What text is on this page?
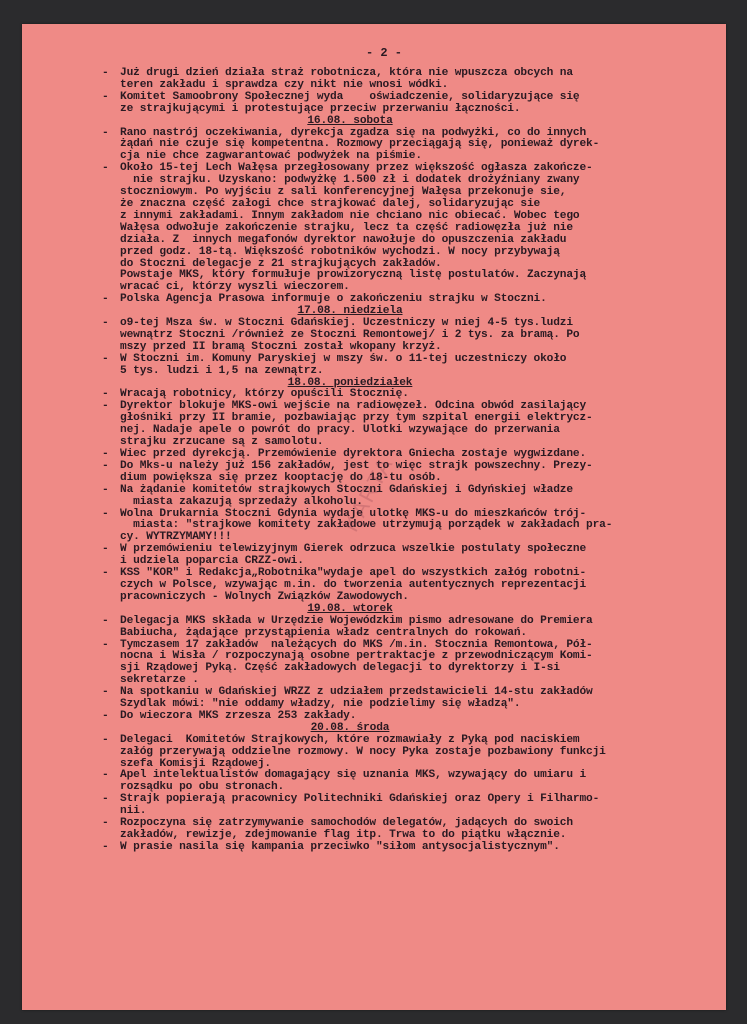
- 2 -
- Już drugi dzień działa straż robotnicza, która nie wpuszcza obcych na
teren zakładu i sprawdza czy nikt nie wnosi wódki.
- Komitet Samoobrony Społecznej wyda    oświadczenie, solidaryzujące się
ze strajkującymi i protestujące przeciw przerwaniu łączności.
16.08. sobota
- Rano nastrój oczekiwania, dyrekcja zgadza się na podwyżki, co do innych
żądań nie czuje się kompetentna. Rozmowy przeciągają się, ponieważ dyrek-
cja nie chce zagwarantować podwyżek na piśmie.
- Około 15-tej Lech Wałęsa przegłosowany przez większość ogłasza zakończe-
nie strajku. Uzyskano: podwyżkę 1.500 zł i dodatek drożyźniany zwany
stoczniowym. Po wyjściu z sali konferencyjnej Wałęsa przekonuje sie,
że znaczna część załogi chce strajkować dalej, solidaryzując sie
z innymi zakładami. Innym zakładom nie chciano nic obiecać. Wobec tego
Wałęsa odwołuje zakończenie strajku, lecz ta część radiowęzła już nie
działa. Z  innych megafonów dyrektor nawołuje do opuszczenia zakładu
przed godz. 18-tą. Większość robotników wychodzi. W nocy przybywają
do Stoczni delegacje z 21 strajkujących zakładów.
Powstaje MKS, który formułuje prowizoryczną listę postulatów. Zaczynają
wracać ci, którzy wyszli wieczorem.
- Polska Agencja Prasowa informuje o zakończeniu strajku w Stoczni.
17.08. niedziela
- o9-tej Msza św. w Stoczni Gdańskiej. Uczestniczy w niej 4-5 tys.ludzi
wewnątrz Stoczni /również ze Stoczni Remontowej/ i 2 tys. za bramą. Po
mszy przed II bramą Stoczni został wkopany krzyż.
- W Stoczni im. Komuny Paryskiej w mszy św. o 11-tej uczestniczy około
5 tys. ludzi i 1,5 na zewnątrz.
18.08. poniedziałek
- Wracają robotnicy, którzy opuścili Stocznię.
- Dyrektor blokuje MKS-owi wejście na radiowęzeł. Odcina obwód zasilający
głośniki przy II bramie, pozbawiając przy tym szpital energii elektrycz-
nej. Nadaje apele o powrót do pracy. Ulotki wzywające do przerwania
strajku zrzucane są z samolotu.
- Wiec przed dyrekcją. Przemówienie dyrektora Gniecha zostaje wygwizdane.
- Do Mks-u należy już 156 zakładów, jest to więc strajk powszechny. Prezy-
dium powiększa się przez kooptację do 18-tu osób.
- Na żądanie komitetów strajkowych Stoczni Gdańskiej i Gdyńskiej władze
miasta zakazują sprzedaży alkoholu.
- Wolna Drukarnia Stoczni Gdynia wydaje ulotkę MKS-u do mieszkańców trój-
miasta: "strajkowe komitety zakładowe utrzymują porządek w zakładach pra-
cy. WYTRZYMAMY!!!
- W przemówieniu telewizyjnym Gierek odrzuca wszelkie postulaty społeczne
i udziela poparcia CRZZ-owi.
- KSS "KOR" i Redakcja„Robotnika"wydaje apel do wszystkich załóg robotni-
czych w Polsce, wzywając m.in. do tworzenia autentycznych reprezentacji
pracowniczych - Wolnych Związków Zawodowych.
19.08. wtorek
- Delegacja MKS składa w Urzędzie Wojewódzkim pismo adresowane do Premiera
Babiucha, żądające przystąpienia władz centralnych do rokowań.
- Tymczasem 17 zakładów  należących do MKS /m.in. Stocznia Remontowa, Pół-
nocna i Wisła / rozpoczynają osobne pertraktacje z przewodniczącym Komi-
sji Rządowej Pyką. Część zakładowych delegacji to dyrektorzy i I-si
sekretarze .
- Na spotkaniu w Gdańskiej WRZZ z udziałem przedstawicieli 14-stu zakładów
Szydlak mówi: "nie oddamy władzy, nie podzielimy się władzą".
- Do wieczora MKS zrzesza 253 zakłady.
20.08. środa
- Delegaci  Komitetów Strajkowych, które rozmawiały z Pyką pod naciskiem
załóg przerywają oddzielne rozmowy. W nocy Pyka zostaje pozbawiony funkcji
szefa Komisji Rządowej.
- Apel intelektualistów domagający się uznania MKS, wzywający do umiaru i
rozsądku po obu stronach.
- Strajk popierają pracownicy Politechniki Gdańskiej oraz Opery i Filharmo-
nii.
- Rozpoczyna się zatrzymywanie samochodów delegatów, jadących do swoich
zakładów, rewizje, zdejmowanie flag itp. Trwa to do piątku włącznie.
- W prasie nasila się kampania przeciwko "siłom antysocjalistycznym".
KARTA
